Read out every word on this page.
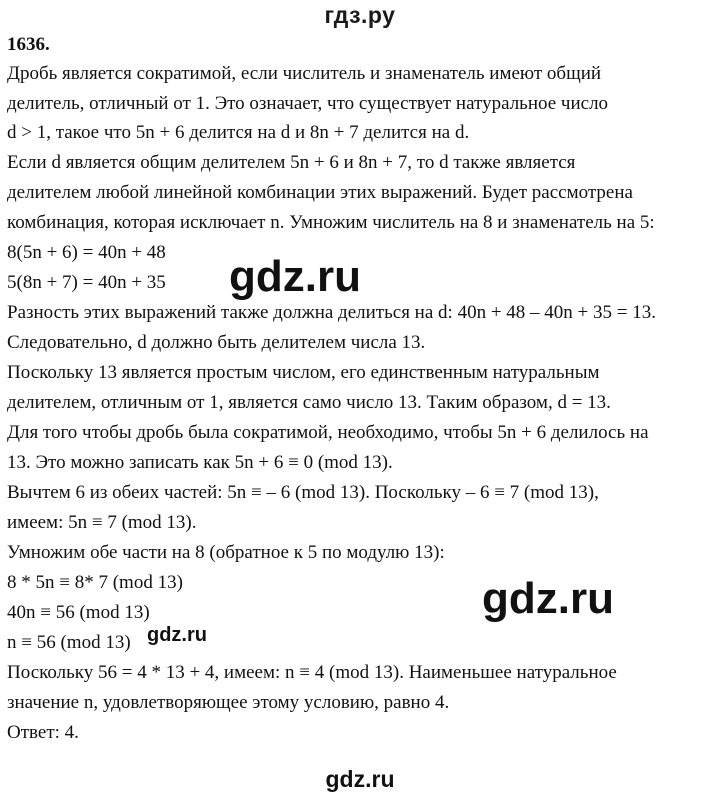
гдз.ру
1636.
Дробь является сократимой, если числитель и знаменатель имеют общий
делитель, отличный от 1. Это означает, что существует натуральное число
d > 1, такое что 5n + 6 делится на d и 8n + 7 делится на d.
Если d является общим делителем 5n + 6 и 8n + 7, то d также является
делителем любой линейной комбинации этих выражений. Будет рассмотрена
комбинация, которая исключает n. Умножим числитель на 8 и знаменатель на 5:
8(5n + 6) = 40n + 48
5(8n + 7) = 40n + 35
Разность этих выражений также должна делиться на d: 40n + 48 – 40n + 35 = 13.
Следовательно, d должно быть делителем числа 13.
Поскольку 13 является простым числом, его единственным натуральным
делителем, отличным от 1, является само число 13. Таким образом, d = 13.
Для того чтобы дробь была сократимой, необходимо, чтобы 5n + 6 делилось на
13. Это можно записать как 5n + 6 ≡ 0 (mod 13).
Вычтем 6 из обеих частей: 5n ≡ – 6 (mod 13). Поскольку – 6 ≡ 7 (mod 13),
имеем: 5n ≡ 7 (mod 13).
Умножим обе части на 8 (обратное к 5 по модулю 13):
8 * 5n ≡ 8* 7 (mod 13)
40n ≡ 56 (mod 13)
n ≡ 56 (mod 13)
Поскольку 56 = 4 * 13 + 4, имеем: n ≡ 4 (mod 13). Наименьшее натуральное
значение n, удовлетворяющее этому условию, равно 4.
Ответ: 4.
gdz.ru
gdz.ru
gdz.ru
gdz.ru
